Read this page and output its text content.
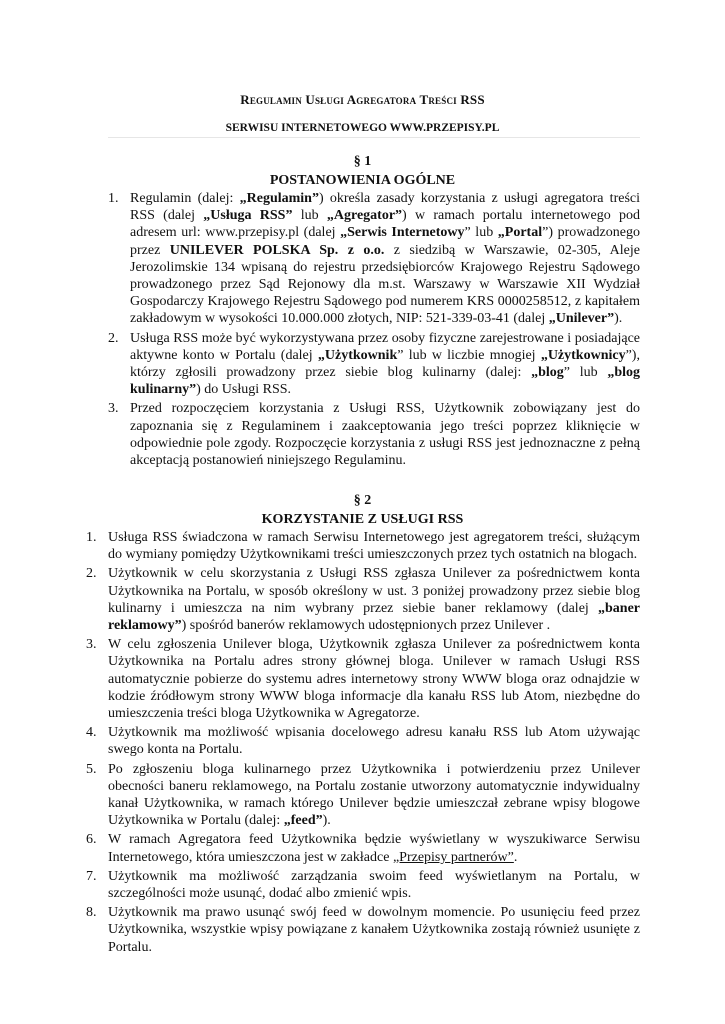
Regulamin Usługi Agregatora Treści RSS
SERWISU INTERNETOWEGO WWW.PRZEPISY.PL
§ 1
POSTANOWIENIA OGÓLNE
1. Regulamin (dalej: „Regulamin”) określa zasady korzystania z usługi agregatora treści RSS (dalej „Usługa RSS” lub „Agregator”) w ramach portalu internetowego pod adresem url: www.przepisy.pl (dalej „Serwis Internetowy” lub „Portal”) prowadzonego przez UNILEVER POLSKA Sp. z o.o. z siedzibą w Warszawie, 02-305, Aleje Jerozolimskie 134 wpisaną do rejestru przedsiębiorców Krajowego Rejestru Sądowego prowadzonego przez Sąd Rejonowy dla m.st. Warszawy w Warszawie XII Wydział Gospodarczy Krajowego Rejestru Sądowego pod numerem KRS 0000258512, z kapitałem zakładowym w wysokości 10.000.000 złotych, NIP: 521-339-03-41 (dalej „Unilever”).
2. Usługa RSS może być wykorzystywana przez osoby fizyczne zarejestrowane i posiadające aktywne konto w Portalu (dalej „Użytkownik” lub w liczbie mnogiej „Użytkownicy”), którzy zgłosili prowadzony przez siebie blog kulinarny (dalej: „blog” lub „blog kulinarny”) do Usługi RSS.
3. Przed rozpoczęciem korzystania z Usługi RSS, Użytkownik zobowiązany jest do zapoznania się z Regulaminem i zaakceptowania jego treści poprzez kliknięcie w odpowiednie pole zgody. Rozpoczęcie korzystania z usługi RSS jest jednoznaczne z pełną akceptacją postanowień niniejszego Regulaminu.
§ 2
KORZYSTANIE Z USŁUGI RSS
1. Usługa RSS świadczona w ramach Serwisu Internetowego jest agregatorem treści, służącym do wymiany pomiędzy Użytkownikami treści umieszczonych przez tych ostatnich na blogach.
2. Użytkownik w celu skorzystania z Usługi RSS zgłasza Unilever za pośrednictwem konta Użytkownika na Portalu, w sposób określony w ust. 3 poniżej prowadzony przez siebie blog kulinarny i umieszcza na nim wybrany przez siebie baner reklamowy (dalej „baner reklamowy”) spośród banerów reklamowych udostępnionych przez Unilever .
3. W celu zgłoszenia Unilever bloga, Użytkownik zgłasza Unilever za pośrednictwem konta Użytkownika na Portalu adres strony głównej bloga. Unilever w ramach Usługi RSS automatycznie pobierze do systemu adres internetowy strony WWW bloga oraz odnajdzie w kodzie źródłowym strony WWW bloga informacje dla kanału RSS lub Atom, niezbędne do umieszczenia treści bloga Użytkownika w Agregatorze.
4. Użytkownik ma możliwość wpisania docelowego adresu kanału RSS lub Atom używając swego konta na Portalu.
5. Po zgłoszeniu bloga kulinarnego przez Użytkownika i potwierdzeniu przez Unilever obecności baneru reklamowego, na Portalu zostanie utworzony automatycznie indywidualny kanał Użytkownika, w ramach którego Unilever będzie umieszczał zebrane wpisy blogowe Użytkownika w Portalu (dalej: „feed”).
6. W ramach Agregatora feed Użytkownika będzie wyświetlany w wyszukiwarce Serwisu Internetowego, która umieszczona jest w zakładce „Przepisy partnerów”.
7. Użytkownik ma możliwość zarządzania swoim feed wyświetlanym na Portalu, w szczególności może usunąć, dodać albo zmienić wpis.
8. Użytkownik ma prawo usunąć swój feed w dowolnym momencie. Po usunięciu feed przez Użytkownika, wszystkie wpisy powiązane z kanałem Użytkownika zostają również usunięte z Portalu.
